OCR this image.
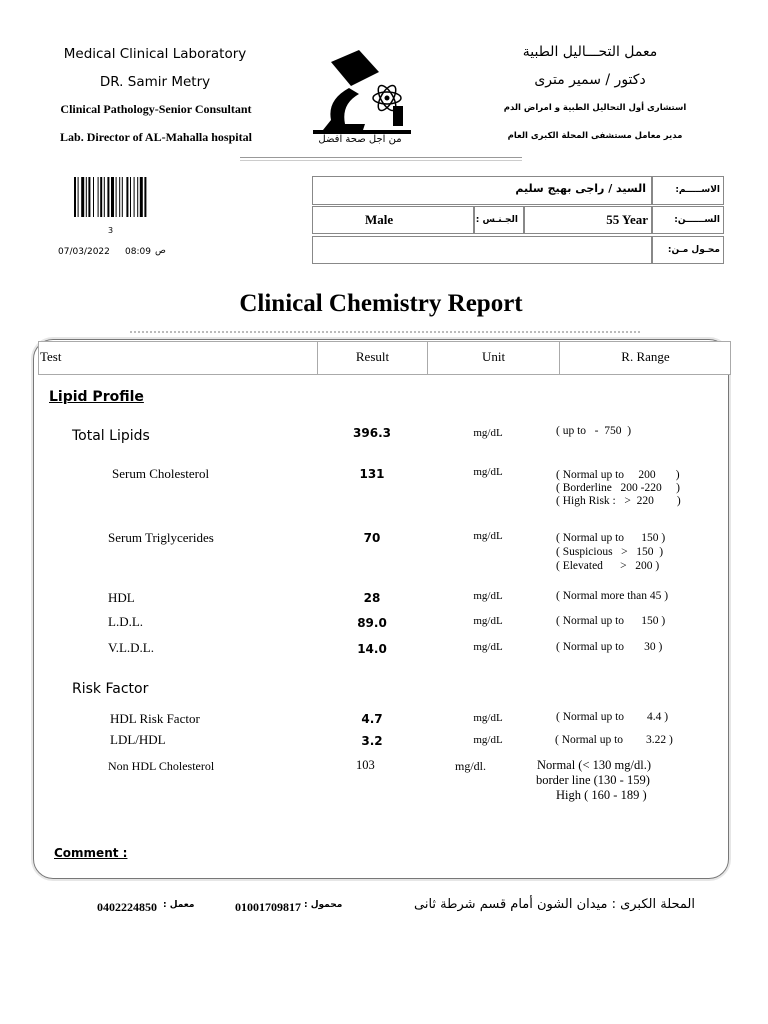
Medical Clinical Laboratory
DR. Samir Metry
Clinical Pathology-Senior Consultant
Lab. Director of AL-Mahalla hospital
معمل التحـــاليل الطبية
دكتور / سمير مترى
استشارى أول التحاليل الطبية و امراض الدم
مدير معامل مستشفى المحلة الكبرى العام
من اجل صحة افضل
3
07/03/2022 08:09 ص
السيد / راجى بهيج سليم	الاســـــم:
Male	الجـنـس :	55 Year	الســــــن:
محـول مـن:
Clinical Chemistry Report
Test	Result	Unit	R. Range
Lipid Profile
Total Lipids	396.3	mg/dL	( up to   -  750  )
Serum Cholesterol	131	mg/dL	( Normal up to     200       )
( Borderline   200 -220     )
( High Risk :   >  220        )
Serum Triglycerides	70	mg/dL	( Normal up to      150 )
( Suspicious   >   150  )
( Elevated      >   200 )
HDL	28	mg/dL	( Normal more than 45 )
L.D.L.	89.0	mg/dL	( Normal up to      150 )
V.L.D.L.	14.0	mg/dL	( Normal up to       30 )
Risk Factor
HDL Risk Factor	4.7	mg/dL	( Normal up to        4.4 )
LDL/HDL	3.2	mg/dL	( Normal up to        3.22 )
Non HDL Cholesterol	103	mg/dl.	Normal (< 130 mg/dl.)
border line (130 - 159)
High ( 160 - 189 )
Comment :
0402224850 معمل :	01001709817 محمول :	المحلة الكبرى : ميدان الشون أمام قسم شرطة ثانى
